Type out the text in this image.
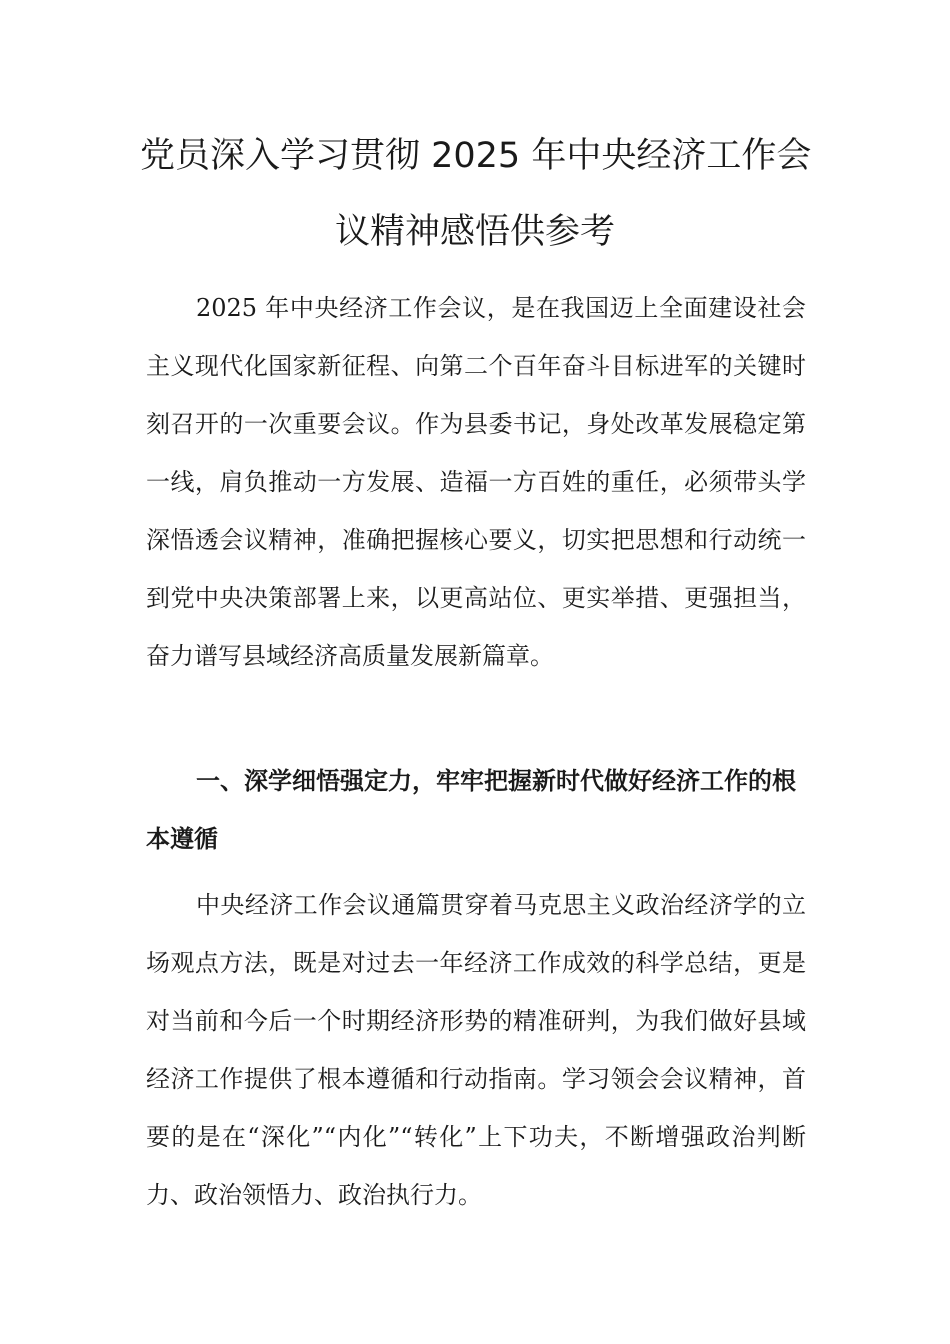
党员深入学习贯彻 2025 年中央经济工作会
议精神感悟供参考

2025 年中央经济工作会议，是在我国迈上全面建设社会主义现代化国家新征程、向第二个百年奋斗目标进军的关键时刻召开的一次重要会议。作为县委书记，身处改革发展稳定第一线，肩负推动一方发展、造福一方百姓的重任，必须带头学深悟透会议精神，准确把握核心要义，切实把思想和行动统一到党中央决策部署上来，以更高站位、更实举措、更强担当，奋力谱写县域经济高质量发展新篇章。

一、深学细悟强定力，牢牢把握新时代做好经济工作的根本遵循

中央经济工作会议通篇贯穿着马克思主义政治经济学的立场观点方法，既是对过去一年经济工作成效的科学总结，更是对当前和今后一个时期经济形势的精准研判，为我们做好县域经济工作提供了根本遵循和行动指南。学习领会会议精神，首要的是在“深化”“内化”“转化”上下功夫，不断增强政治判断力、政治领悟力、政治执行力。
